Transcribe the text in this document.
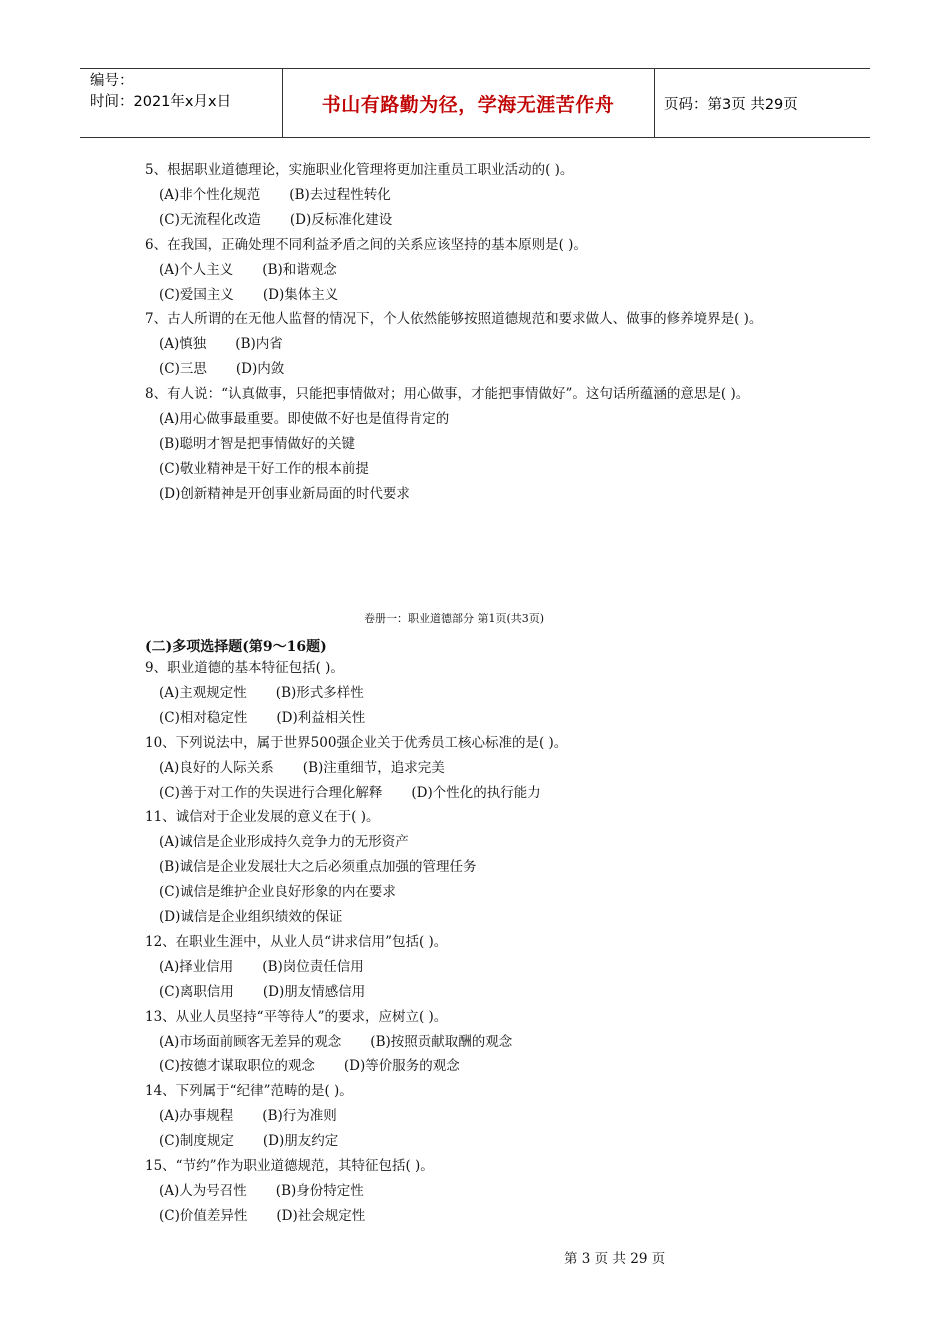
编号：
时间：2021年x月x日	书山有路勤为径，学海无涯苦作舟	页码：第3页 共29页
5、根据职业道德理论，实施职业化管理将更加注重员工职业活动的( )。
(A)非个性化规范 (B)去过程性转化
(C)无流程化改造 (D)反标准化建设
6、在我国，正确处理不同利益矛盾之间的关系应该坚持的基本原则是( )。
(A)个人主义 (B)和谐观念
(C)爱国主义 (D)集体主义
7、古人所谓的在无他人监督的情况下，个人依然能够按照道德规范和要求做人、做事的修养境界是( )。
(A)慎独 (B)内省
(C)三思 (D)内敛
8、有人说：“认真做事，只能把事情做对；用心做事，才能把事情做好”。这句话所蕴涵的意思是( )。
(A)用心做事最重要。即使做不好也是值得肯定的
(B)聪明才智是把事情做好的关键
(C)敬业精神是干好工作的根本前提
(D)创新精神是开创事业新局面的时代要求
卷册一：职业道德部分 第1页(共3页)
(二)多项选择题(第9～16题)
9、职业道德的基本特征包括( )。
(A)主观规定性 (B)形式多样性
(C)相对稳定性 (D)利益相关性
10、下列说法中，属于世界500强企业关于优秀员工核心标准的是( )。
(A)良好的人际关系 (B)注重细节，追求完美
(C)善于对工作的失误进行合理化解释 (D)个性化的执行能力
11、诚信对于企业发展的意义在于( )。
(A)诚信是企业形成持久竞争力的无形资产
(B)诚信是企业发展壮大之后必须重点加强的管理任务
(C)诚信是维护企业良好形象的内在要求
(D)诚信是企业组织绩效的保证
12、在职业生涯中，从业人员“讲求信用”包括( )。
(A)择业信用 (B)岗位责任信用
(C)离职信用 (D)朋友情感信用
13、从业人员坚持“平等待人”的要求，应树立( )。
(A)市场面前顾客无差异的观念 (B)按照贡献取酬的观念
(C)按德才谋取职位的观念 (D)等价服务的观念
14、下列属于“纪律”范畴的是( )。
(A)办事规程 (B)行为准则
(C)制度规定 (D)朋友约定
15、“节约”作为职业道德规范，其特征包括( )。
(A)人为号召性 (B)身份特定性
(C)价值差异性 (D)社会规定性
第 3 页 共 29 页
